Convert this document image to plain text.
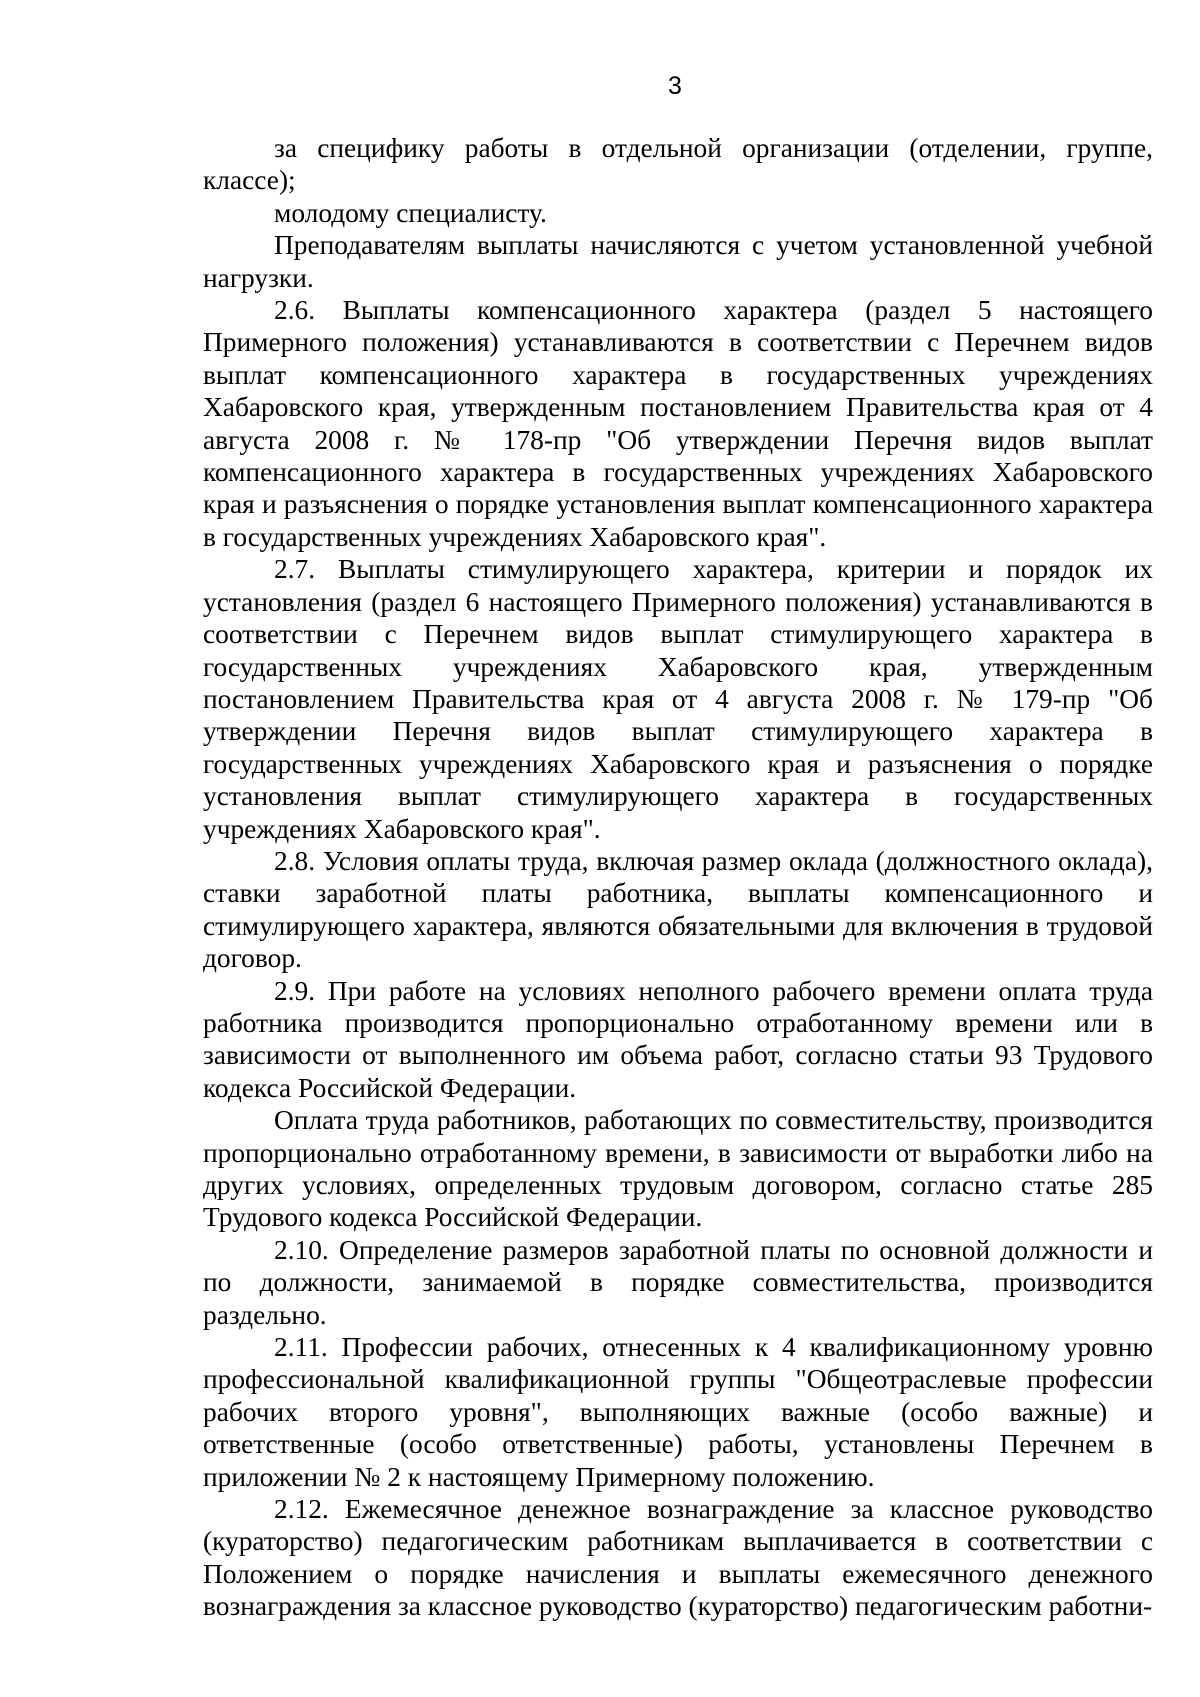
3

за специфику работы в отдельной организации (отделении, группе, классе);

молодому специалисту.

Преподавателям выплаты начисляются с учетом установленной учебной нагрузки.

2.6. Выплаты компенсационного характера (раздел 5 настоящего Примерного положения) устанавливаются в соответствии с Перечнем видов выплат компенсационного характера в государственных учреждениях Хабаровского края, утвержденным постановлением Правительства края от 4 августа 2008 г. № 178-пр "Об утверждении Перечня видов выплат компенсационного характера в государственных учреждениях Хабаровского края и разъяснения о порядке установления выплат компенсационного характера в государственных учреждениях Хабаровского края".

2.7. Выплаты стимулирующего характера, критерии и порядок их установления (раздел 6 настоящего Примерного положения) устанавливаются в соответствии с Перечнем видов выплат стимулирующего характера в государственных учреждениях Хабаровского края, утвержденным постановлением Правительства края от 4 августа 2008 г. № 179-пр "Об утверждении Перечня видов выплат стимулирующего характера в государственных учреждениях Хабаровского края и разъяснения о порядке установления выплат стимулирующего характера в государственных учреждениях Хабаровского края".

2.8. Условия оплаты труда, включая размер оклада (должностного оклада), ставки заработной платы работника, выплаты компенсационного и стимулирующего характера, являются обязательными для включения в трудовой договор.

2.9. При работе на условиях неполного рабочего времени оплата труда работника производится пропорционально отработанному времени или в зависимости от выполненного им объема работ, согласно статьи 93 Трудового кодекса Российской Федерации.

Оплата труда работников, работающих по совместительству, производится пропорционально отработанному времени, в зависимости от выработки либо на других условиях, определенных трудовым договором, согласно статье 285 Трудового кодекса Российской Федерации.

2.10. Определение размеров заработной платы по основной должности и по должности, занимаемой в порядке совместительства, производится раздельно.

2.11. Профессии рабочих, отнесенных к 4 квалификационному уровню профессиональной квалификационной группы "Общеотраслевые профессии рабочих второго уровня", выполняющих важные (особо важные) и ответственные (особо ответственные) работы, установлены Перечнем в приложении № 2 к настоящему Примерному положению.

2.12. Ежемесячное денежное вознаграждение за классное руководство (кураторство) педагогическим работникам выплачивается в соответствии с Положением о порядке начисления и выплаты ежемесячного денежного вознаграждения за классное руководство (кураторство) педагогическим работни-
